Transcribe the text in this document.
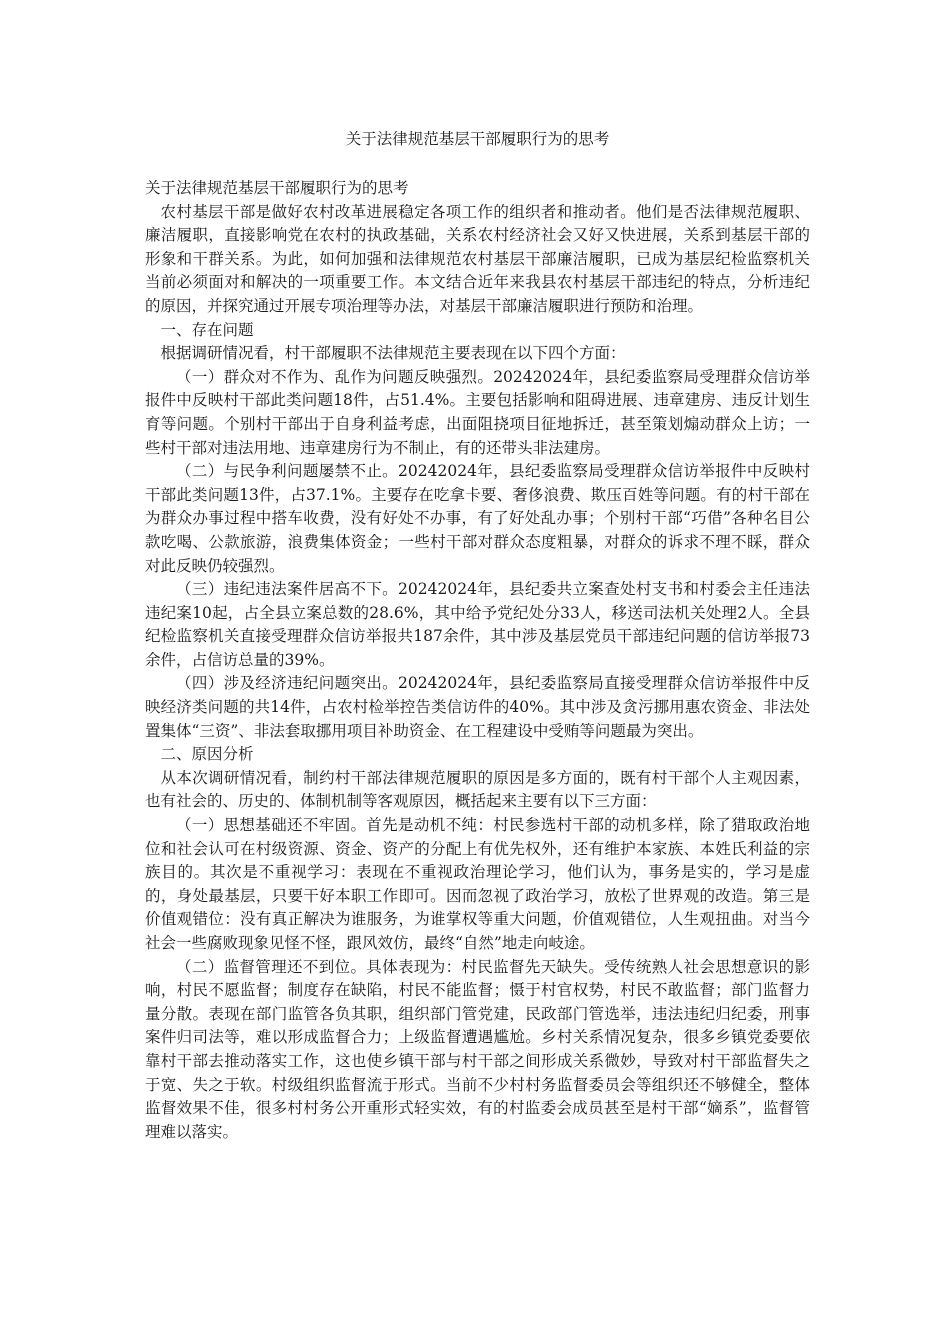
关于法律规范基层干部履职行为的思考

关于法律规范基层干部履职行为的思考

农村基层干部是做好农村改革进展稳定各项工作的组织者和推动者。他们是否法律规范履职、廉洁履职，直接影响党在农村的执政基础，关系农村经济社会又好又快进展，关系到基层干部的形象和干群关系。为此，如何加强和法律规范农村基层干部廉洁履职，已成为基层纪检监察机关当前必须面对和解决的一项重要工作。本文结合近年来我县农村基层干部违纪的特点，分析违纪的原因，并探究通过开展专项治理等办法，对基层干部廉洁履职进行预防和治理。

一、存在问题

根据调研情况看，村干部履职不法律规范主要表现在以下四个方面：

（一）群众对不作为、乱作为问题反映强烈。20242024年，县纪委监察局受理群众信访举报件中反映村干部此类问题18件，占51.4%。主要包括影响和阻碍进展、违章建房、违反计划生育等问题。个别村干部出于自身利益考虑，出面阻挠项目征地拆迁，甚至策划煽动群众上访；一些村干部对违法用地、违章建房行为不制止，有的还带头非法建房。

（二）与民争利问题屡禁不止。20242024年，县纪委监察局受理群众信访举报件中反映村干部此类问题13件，占37.1%。主要存在吃拿卡要、奢侈浪费、欺压百姓等问题。有的村干部在为群众办事过程中搭车收费，没有好处不办事，有了好处乱办事；个别村干部“巧借”各种名目公款吃喝、公款旅游，浪费集体资金；一些村干部对群众态度粗暴，对群众的诉求不理不睬，群众对此反映仍较强烈。

（三）违纪违法案件居高不下。20242024年，县纪委共立案查处村支书和村委会主任违法违纪案10起，占全县立案总数的28.6%，其中给予党纪处分33人，移送司法机关处理2人。全县纪检监察机关直接受理群众信访举报共187余件，其中涉及基层党员干部违纪问题的信访举报73余件，占信访总量的39%。

（四）涉及经济违纪问题突出。20242024年，县纪委监察局直接受理群众信访举报件中反映经济类问题的共14件，占农村检举控告类信访件的40%。其中涉及贪污挪用惠农资金、非法处置集体“三资”、非法套取挪用项目补助资金、在工程建设中受贿等问题最为突出。

二、原因分析

从本次调研情况看，制约村干部法律规范履职的原因是多方面的，既有村干部个人主观因素，也有社会的、历史的、体制机制等客观原因，概括起来主要有以下三方面：

（一）思想基础还不牢固。首先是动机不纯：村民参选村干部的动机多样，除了猎取政治地位和社会认可在村级资源、资金、资产的分配上有优先权外，还有维护本家族、本姓氏利益的宗族目的。其次是不重视学习：表现在不重视政治理论学习，他们认为，事务是实的，学习是虚的，身处最基层，只要干好本职工作即可。因而忽视了政治学习，放松了世界观的改造。第三是价值观错位：没有真正解决为谁服务，为谁掌权等重大问题，价值观错位，人生观扭曲。对当今社会一些腐败现象见怪不怪，跟风效仿，最终“自然”地走向岐途。

（二）监督管理还不到位。具体表现为：村民监督先天缺失。受传统熟人社会思想意识的影响，村民不愿监督；制度存在缺陷，村民不能监督；慑于村官权势，村民不敢监督；部门监督力量分散。表现在部门监管各负其职，组织部门管党建，民政部门管选举，违法违纪归纪委，刑事案件归司法等，难以形成监督合力；上级监督遭遇尴尬。乡村关系情况复杂，很多乡镇党委要依靠村干部去推动落实工作，这也使乡镇干部与村干部之间形成关系微妙，导致对村干部监督失之于宽、失之于软。村级组织监督流于形式。当前不少村村务监督委员会等组织还不够健全，整体监督效果不佳，很多村村务公开重形式轻实效，有的村监委会成员甚至是村干部“嫡系”，监督管理难以落实。
